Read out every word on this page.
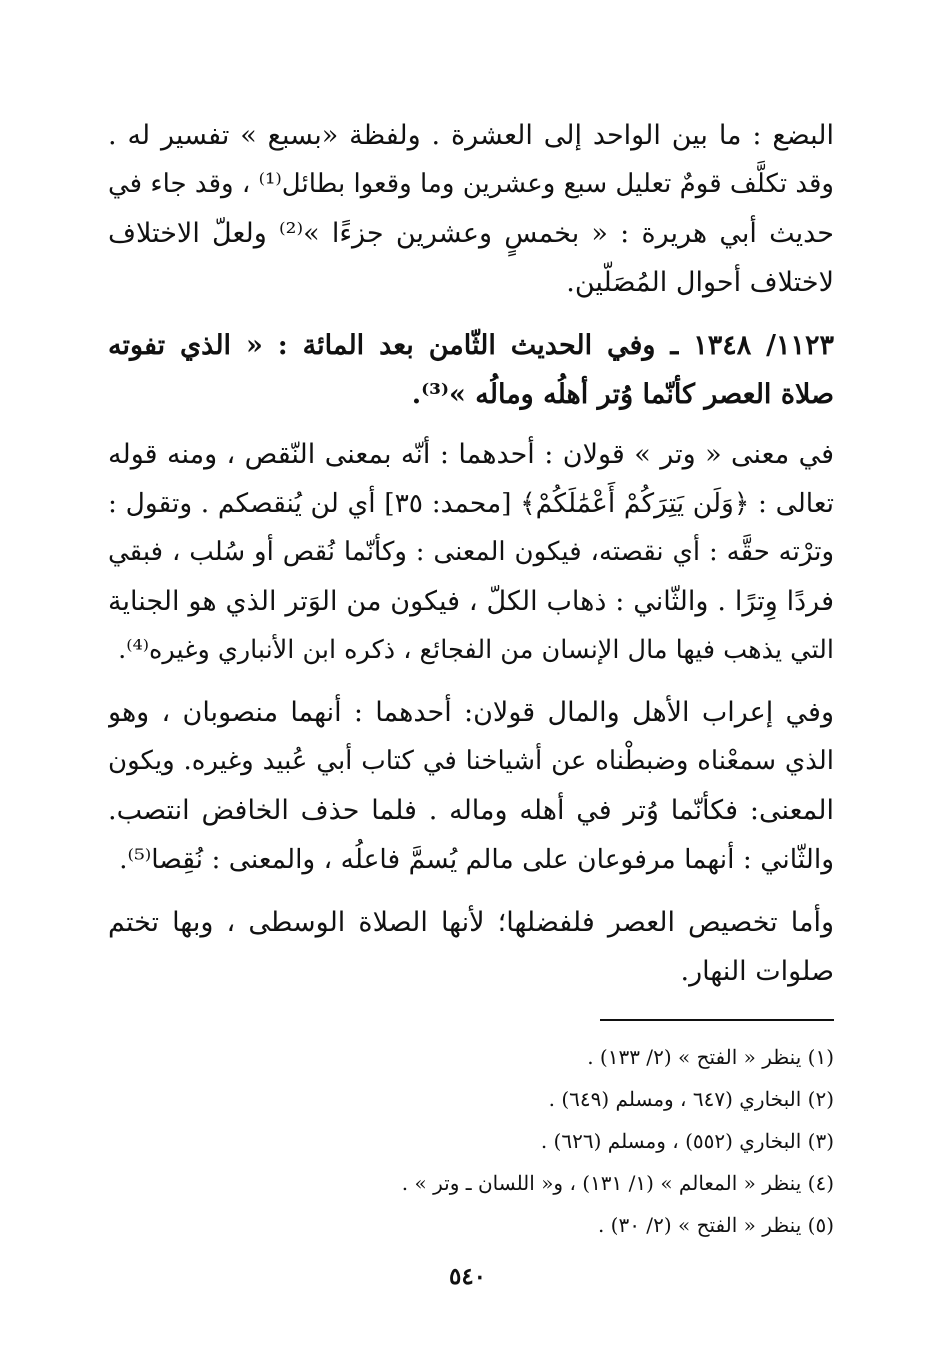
البضع : ما بين الواحد إلى العشرة . ولفظة «بسبع » تفسير له .
وقد تكلَّف قومٌ تعليل سبع وعشرين وما وقعوا بطائل⁽¹⁾ ، وقد جاء في
حديث أبي هريرة : « بخمسٍ وعشرين جزءًا »⁽²⁾ ولعلّ الاختلاف
لاختلاف أحوال المُصَلّين.
١١٢٣/ ١٣٤٨ ـ وفي الحديث الثّامن بعد المائة : « الذي تفوته
صلاة العصر كأنّما وُتر أهلُه ومالُه »⁽³⁾.
في معنى « وتر » قولان : أحدهما : أنّه بمعنى النّقص ، ومنه قوله
تعالى : ﴿وَلَن يَتِرَكُمْ أَعْمَٰلَكُمْ﴾ [محمد: ٣٥] أي لن يُنقصكم . وتقول :
وترْته حقَّه : أي نقصته، فيكون المعنى : وكأنّما نُقص أو سُلب ، فبقي
فردًا وِترًا . والثّاني : ذهاب الكلّ ، فيكون من الوَتر الذي هو الجناية
التي يذهب فيها مال الإنسان من الفجائع ، ذكره ابن الأنباري وغيره⁽⁴⁾.
وفي إعراب الأهل والمال قولان: أحدهما : أنهما منصوبان ، وهو
الذي سمعْناه وضبطْناه عن أشياخنا في كتاب أبي عُبيد وغيره. ويكون
المعنى: فكأنّما وُتر في أهله وماله . فلما حذف الخافض انتصب.
والثّاني : أنهما مرفوعان على مالم يُسمَّ فاعلُه ، والمعنى : نُقِصا⁽⁵⁾.
وأما تخصيص العصر فلفضلها؛ لأنها الصلاة الوسطى ، وبها تختم
صلوات النهار.
(١) ينظر « الفتح » (٢/ ١٣٣) .
(٢) البخاري (٦٤٧ ، ومسلم (٦٤٩) .
(٣) البخاري (٥٥٢) ، ومسلم (٦٢٦) .
(٤) ينظر « المعالم » (١/ ١٣١) ، و« اللسان ـ وتر » .
(٥) ينظر « الفتح » (٢/ ٣٠) .
٥٤٠
